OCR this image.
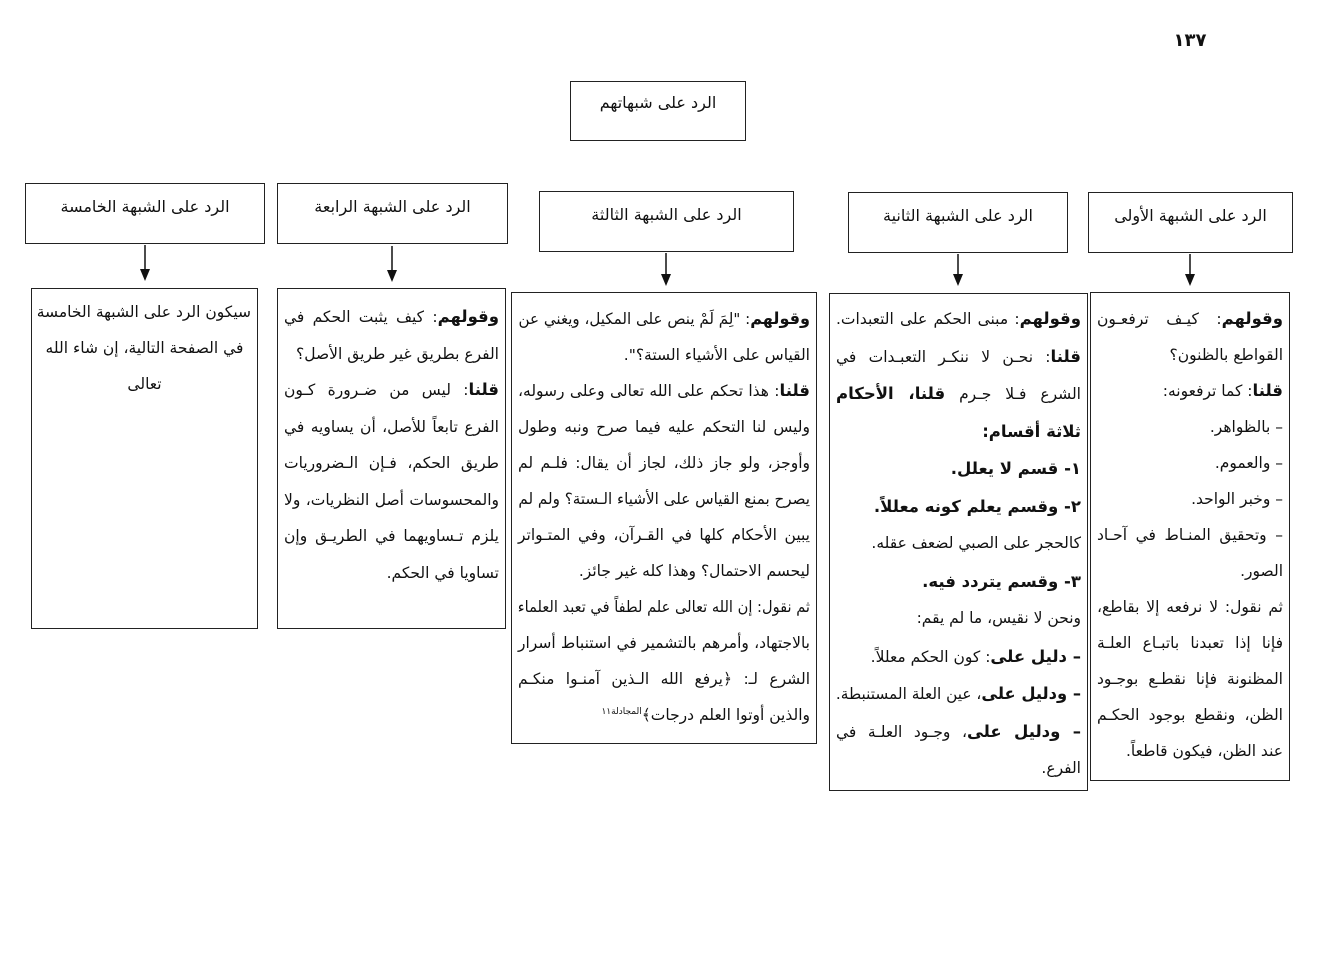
١٣٧
الرد على شبهاتهم
الرد على الشبهة الأولى
الرد على الشبهة الثانية
الرد على الشبهة الثالثة
الرد على الشبهة الرابعة
الرد على الشبهة الخامسة
وقولهم: كيـف ترفعـون
القواطع بالظنون؟
قلنا: كما ترفعونه:
– بالظواهر.
– والعموم.
– وخبر الواحد.
– وتحقيق المنـاط في آحـاد
الصور.
ثم نقول: لا نرفعه إلا بقاطع،
فإنا إذا تعبدنا باتبـاع العلـة
المظنونة فإنا نقطـع بوجـود
الظن، ونقطع بوجود الحكـم
عند الظن، فيكون قاطعاً.
وقولهم: مبنى الحكم على التعبدات.
قلنا: نحـن لا ننكـر التعبـدات في
الشرع فـلا جـرم قلنا، الأحكام
ثلاثة أقسام:
١- قسم لا يعلل.
٢- وقسم يعلم كونه معللاً.
كالحجر على الصبي لضعف عقله.
٣- وقسم يتردد فيه.
ونحن لا نقيس، ما لم يقم:
– دليل على: كون الحكم معللاً.
– ودليل على، عين العلة المستنبطة.
– ودليل على، وجـود العلـة في
الفرع.
وقولهم: "لِمَ لَمْ ينص على المكيل، ويغني عن
القياس على الأشياء الستة؟".
قلنا: هذا تحكم على الله تعالى وعلى رسوله،
وليس لنا التحكم عليه فيما صرح ونبه وطول
وأوجز، ولو جاز ذلك، لجاز أن يقال: فلـم لم
يصرح بمنع القياس على الأشياء الـستة؟ ولم لم
يبين الأحكام كلها في القـرآن، وفي المتـواتر
ليحسم الاحتمال؟ وهذا كله غير جائز.
ثم نقول: إن الله تعالى علم لطفاً في تعبد العلماء
بالاجتهاد، وأمرهم بالتشمير في استنباط أسرار
الشرع لـ: ﴿يرفع الله الـذين آمنـوا منكـم
والذين أوتوا العلم درجات﴾$^{المجادلة١١}$
وقولهم: كيف يثبت الحكم في
الفرع بطريق غير طريق الأصل؟
قلنا: ليس من ضـرورة كـون
الفرع تابعاً للأصل، أن يساويه في
طريق الحكم، فـإن الـضروريات
والمحسوسات أصل النظريات، ولا
يلزم تـساويهما في الطريـق وإن
تساويا في الحكم.
سيكون الرد على الشبهة الخامسة
في الصفحة التالية، إن شاء الله
تعالى
